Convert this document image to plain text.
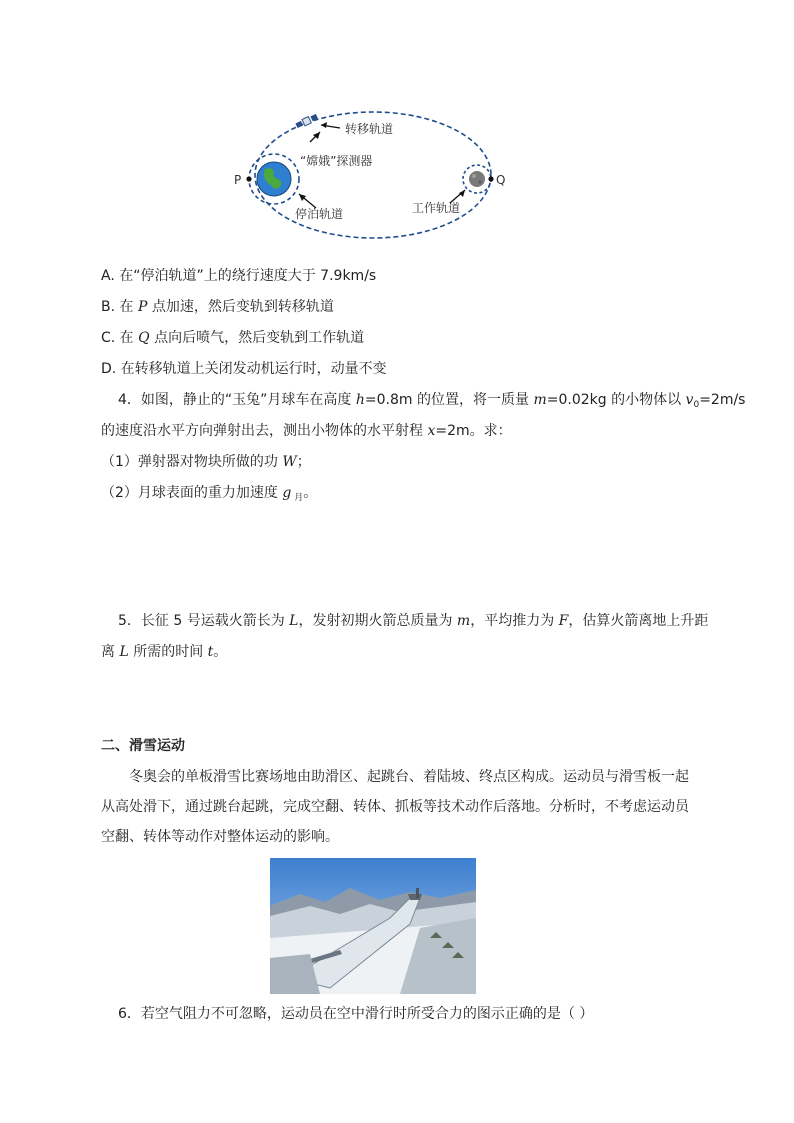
转移轨道
“嫦娥”探测器
停泊轨道	工作轨道
P	Q
A. 在“停泊轨道”上的绕行速度大于 7.9km/s
B. 在 P 点加速，然后变轨到转移轨道
C. 在 Q 点向后喷气，然后变轨到工作轨道
D. 在转移轨道上关闭发动机运行时，动量不变
4．如图，静止的“玉兔”月球车在高度 h=0.8m 的位置，将一质量 m=0.02kg 的小物体以 $v_0=2m/s$
的速度沿水平方向弹射出去，测出小物体的水平射程 x=2m。求：
（1）弹射器对物块所做的功 W；
（2）月球表面的重力加速度 g $_月$。
5．长征 5 号运载火箭长为 L，发射初期火箭总质量为 m，平均推力为 F，估算火箭离地上升距
离 L 所需的时间 t。
二、滑雪运动
冬奥会的单板滑雪比赛场地由助滑区、起跳台、着陆坡、终点区构成。运动员与滑雪板一起从高处滑下，通过跳台起跳，完成空翻、转体、抓板等技术动作后落地。分析时，不考虑运动员空翻、转体等动作对整体运动的影响。
6．若空气阻力不可忽略，运动员在空中滑行时所受合力的图示正确的是（ ）
